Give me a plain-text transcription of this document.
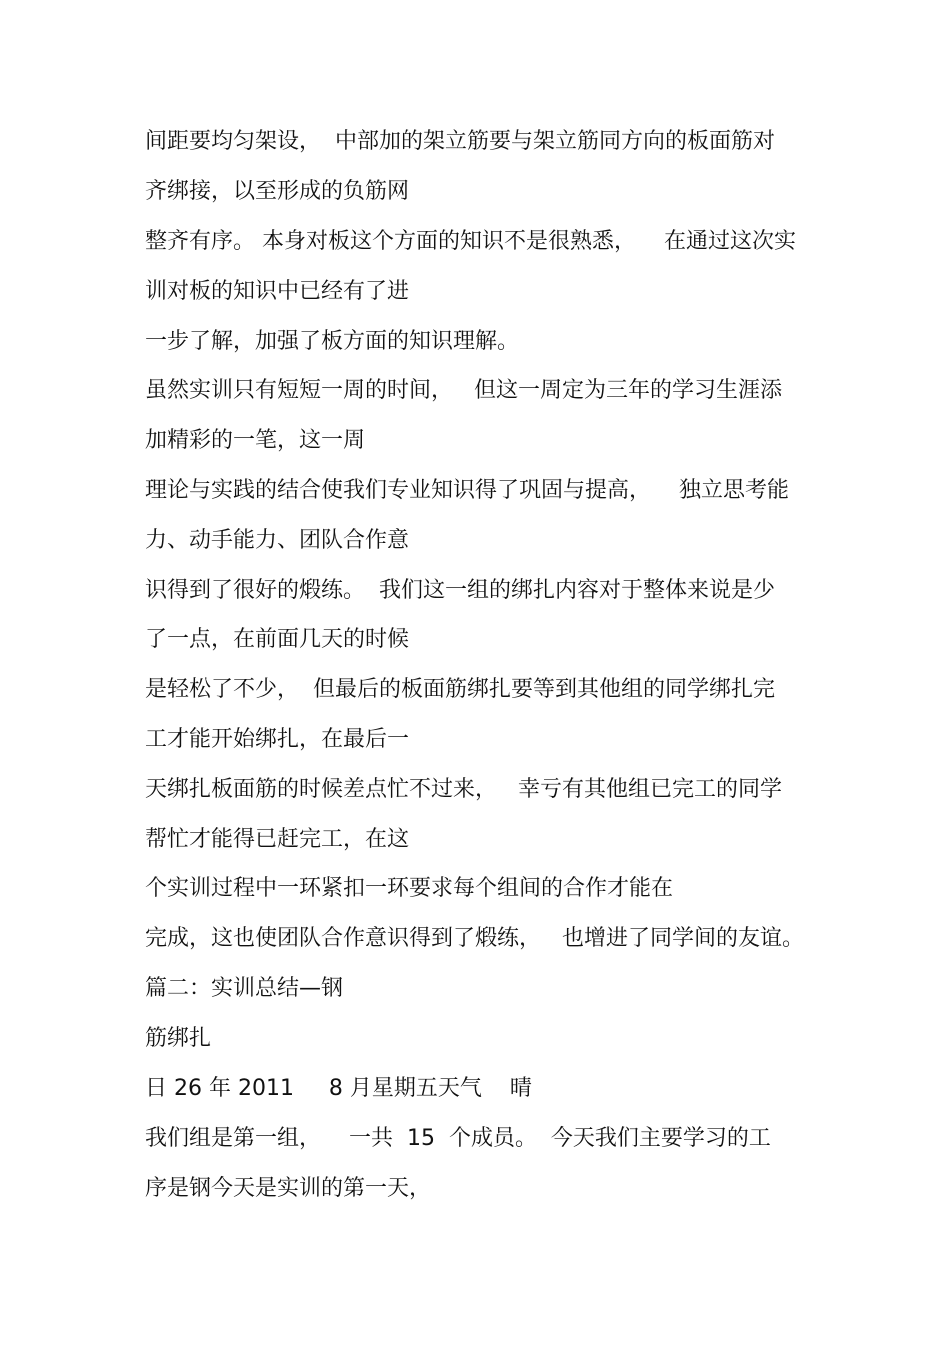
间距要均匀架设，  中部加的架立筋要与架立筋同方向的板面筋对
齐绑接，以至形成的负筋网
整齐有序。 本身对板这个方面的知识不是很熟悉，    在通过这次实
训对板的知识中已经有了进
一步了解，加强了板方面的知识理解。
虽然实训只有短短一周的时间，   但这一周定为三年的学习生涯添
加精彩的一笔，这一周
理论与实践的结合使我们专业知识得了巩固与提高，    独立思考能
力、动手能力、团队合作意
识得到了很好的煅练。  我们这一组的绑扎内容对于整体来说是少
了一点，在前面几天的时候
是轻松了不少，  但最后的板面筋绑扎要等到其他组的同学绑扎完
工才能开始绑扎，在最后一
天绑扎板面筋的时候差点忙不过来，   幸亏有其他组已完工的同学
帮忙才能得已赶完工，在这
个实训过程中一环紧扣一环要求每个组间的合作才能在
完成，这也使团队合作意识得到了煅练，   也增进了同学间的友谊。
篇二：实训总结—钢
筋绑扎
日 26 年 2011     8 月星期五天气    晴
我们组是第一组，    一共  15  个成员。  今天我们主要学习的工
序是钢今天是实训的第一天，
